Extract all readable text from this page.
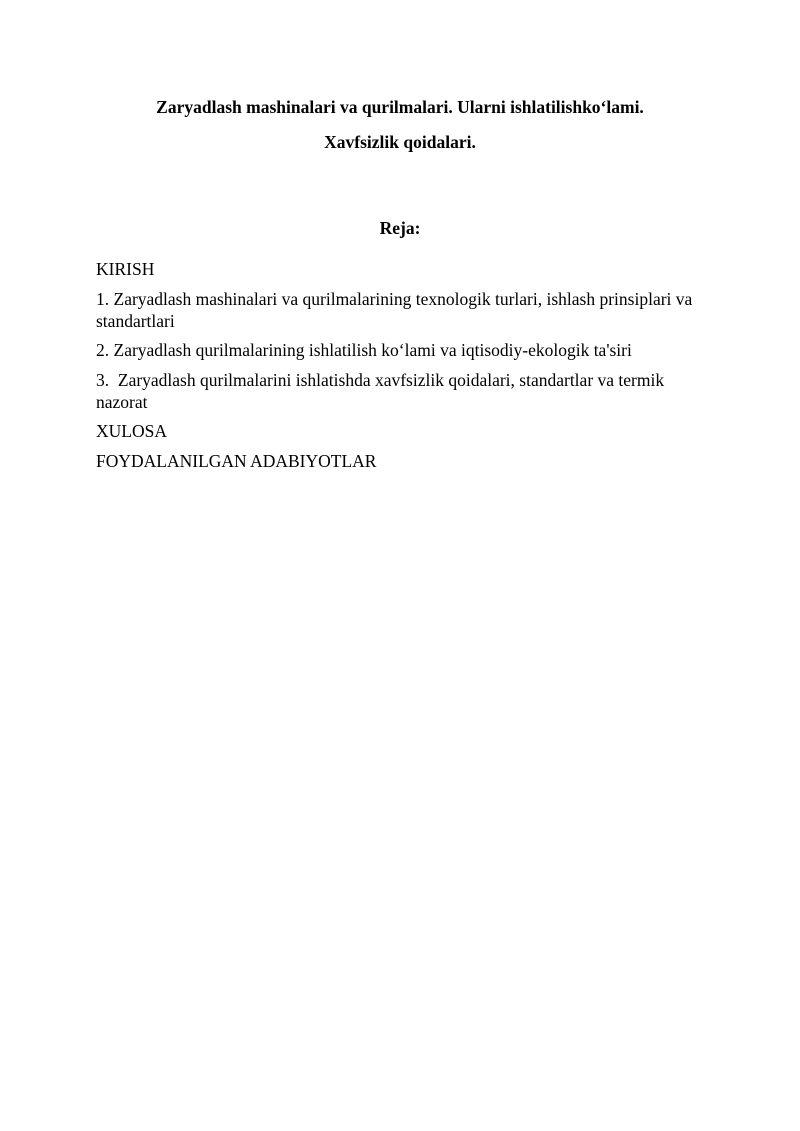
Zaryadlash mashinalari va qurilmalari. Ularni ishlatilishko‘lami.
Xavfsizlik qoidalari.
Reja:
KIRISH
1. Zaryadlash mashinalari va qurilmalarining texnologik turlari, ishlash prinsiplari va standartlari
2. Zaryadlash qurilmalarining ishlatilish ko‘lami va iqtisodiy-ekologik ta'siri
3.  Zaryadlash qurilmalarini ishlatishda xavfsizlik qoidalari, standartlar va termik nazorat
XULOSA
FOYDALANILGAN ADABIYOTLAR
